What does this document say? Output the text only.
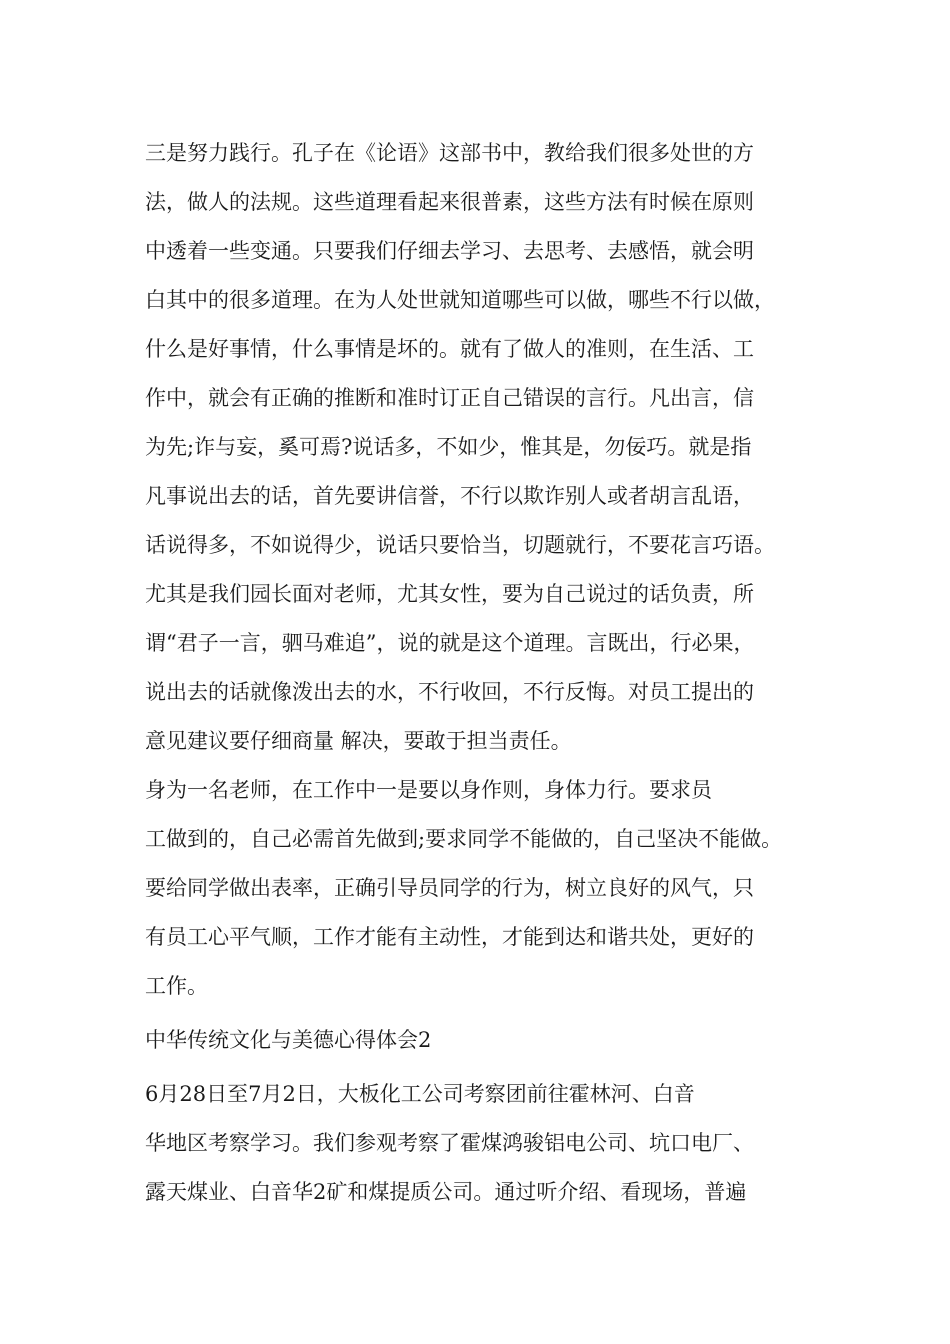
三是努力践行。孔子在《论语》这部书中，教给我们很多处世的方
法，做人的法规。这些道理看起来很普素，这些方法有时候在原则
中透着一些变通。只要我们仔细去学习、去思考、去感悟，就会明
白其中的很多道理。在为人处世就知道哪些可以做，哪些不行以做，
什么是好事情，什么事情是坏的。就有了做人的准则，在生活、工
作中，就会有正确的推断和准时订正自己错误的言行。凡出言，信
为先;诈与妄，奚可焉?说话多，不如少，惟其是，勿佞巧。就是指
凡事说出去的话，首先要讲信誉，不行以欺诈别人或者胡言乱语，
话说得多，不如说得少，说话只要恰当，切题就行，不要花言巧语。
尤其是我们园长面对老师，尤其女性，要为自己说过的话负责，所
谓“君子一言，驷马难追”，说的就是这个道理。言既出，行必果，
说出去的话就像泼出去的水，不行收回，不行反悔。对员工提出的
意见建议要仔细商量 解决，要敢于担当责任。
身为一名老师，在工作中一是要以身作则，身体力行。要求员
工做到的，自己必需首先做到;要求同学不能做的，自己坚决不能做。
要给同学做出表率，正确引导员同学的行为，树立良好的风气，只
有员工心平气顺，工作才能有主动性，才能到达和谐共处，更好的
工作。
中华传统文化与美德心得体会2
6月28日至7月2日，大板化工公司考察团前往霍林河、白音
华地区考察学习。我们参观考察了霍煤鸿骏铝电公司、坑口电厂、
露天煤业、白音华2矿和煤提质公司。通过听介绍、看现场，普遍
